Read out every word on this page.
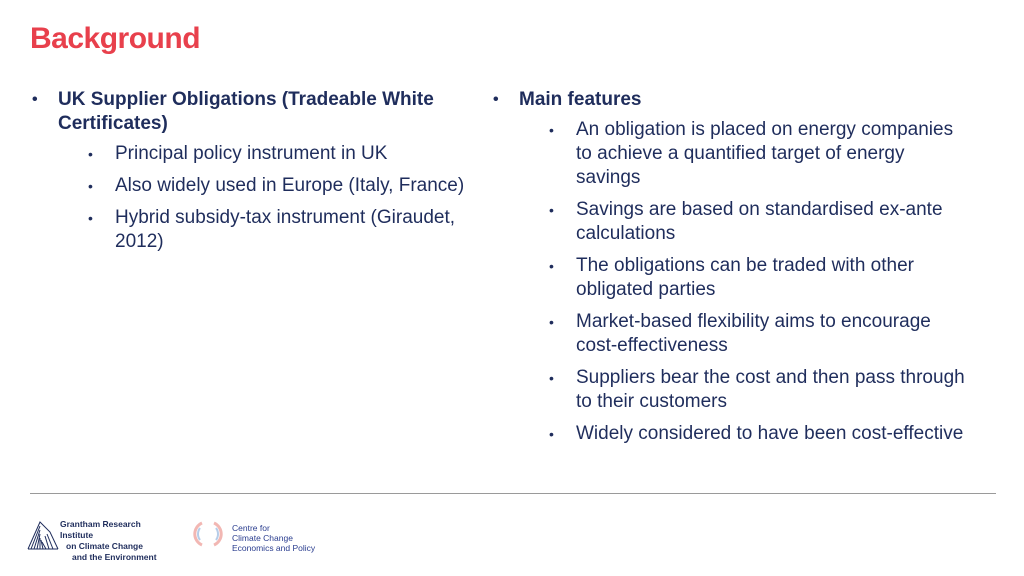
Background
• UK Supplier Obligations (Tradeable White Certificates)
• Principal policy instrument in UK
• Also widely used in Europe (Italy, France)
• Hybrid subsidy-tax instrument (Giraudet, 2012)
• Main features
• An obligation is placed on energy companies to achieve a quantified target of energy savings
• Savings are based on standardised ex-ante calculations
• The obligations can be traded with other obligated parties
• Market-based flexibility aims to encourage cost-effectiveness
• Suppliers bear the cost and then pass through to their customers
• Widely considered to have been cost-effective
Grantham Research Institute
on Climate Change
and the Environment
Centre for
Climate Change
Economics and Policy
